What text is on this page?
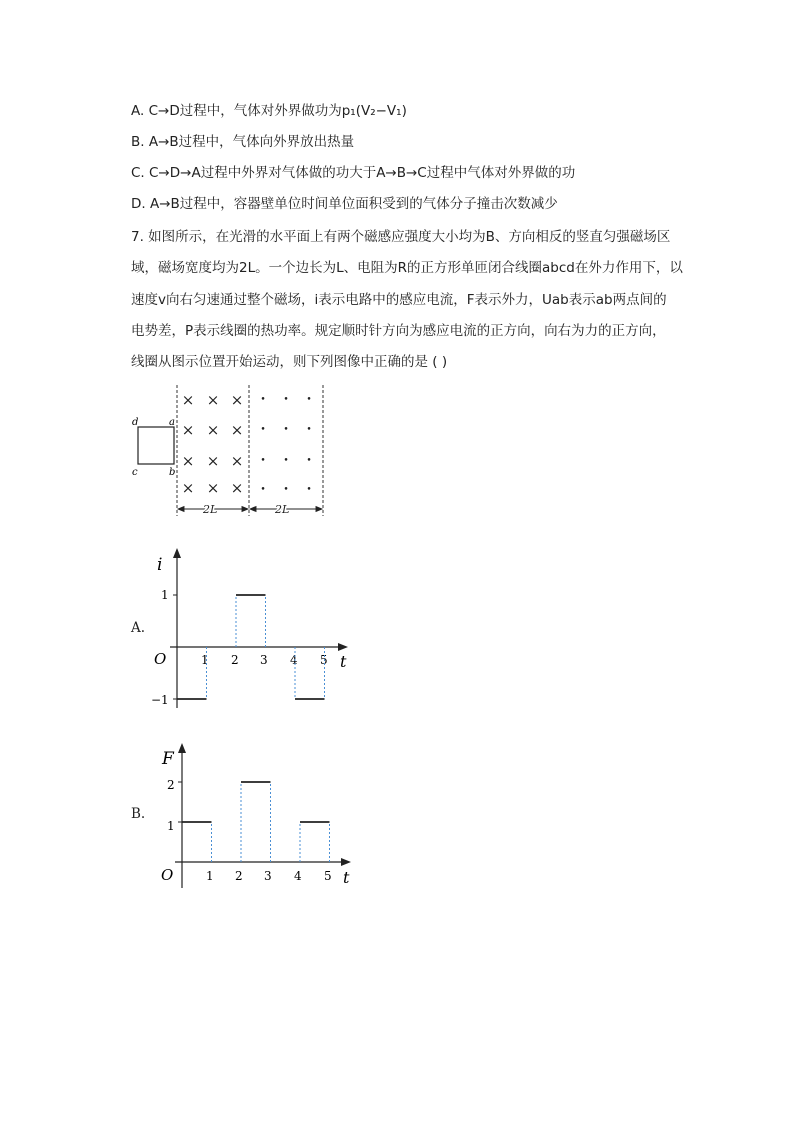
A. C→D过程中，气体对外界做功为p₁(V₂−V₁)
B. A→B过程中，气体向外界放出热量
C. C→D→A过程中外界对气体做的功大于A→B→C过程中气体对外界做的功
D. A→B过程中，容器壁单位时间单位面积受到的气体分子撞击次数减少
7. 如图所示，在光滑的水平面上有两个磁感应强度大小均为B、方向相反的竖直匀强磁场区
域，磁场宽度均为2L。一个边长为L、电阻为R的正方形单匝闭合线圈abcd在外力作用下，以
速度v向右匀速通过整个磁场，i表示电路中的感应电流，F表示外力，Uab表示ab两点间的
电势差，P表示线圈的热功率。规定顺时针方向为感应电流的正方向，向右为力的正方向，
线圈从图示位置开始运动，则下列图像中正确的是 ( )
d	a
c	b
× × ×
× × ×
× × ×
× × ×
• • •
• • •
• • •
• • •
2L	2L
A.
i
t
O
1
−1
1 2 3 4 5
B.
F
t
O
1
2
1 2 3 4 5
